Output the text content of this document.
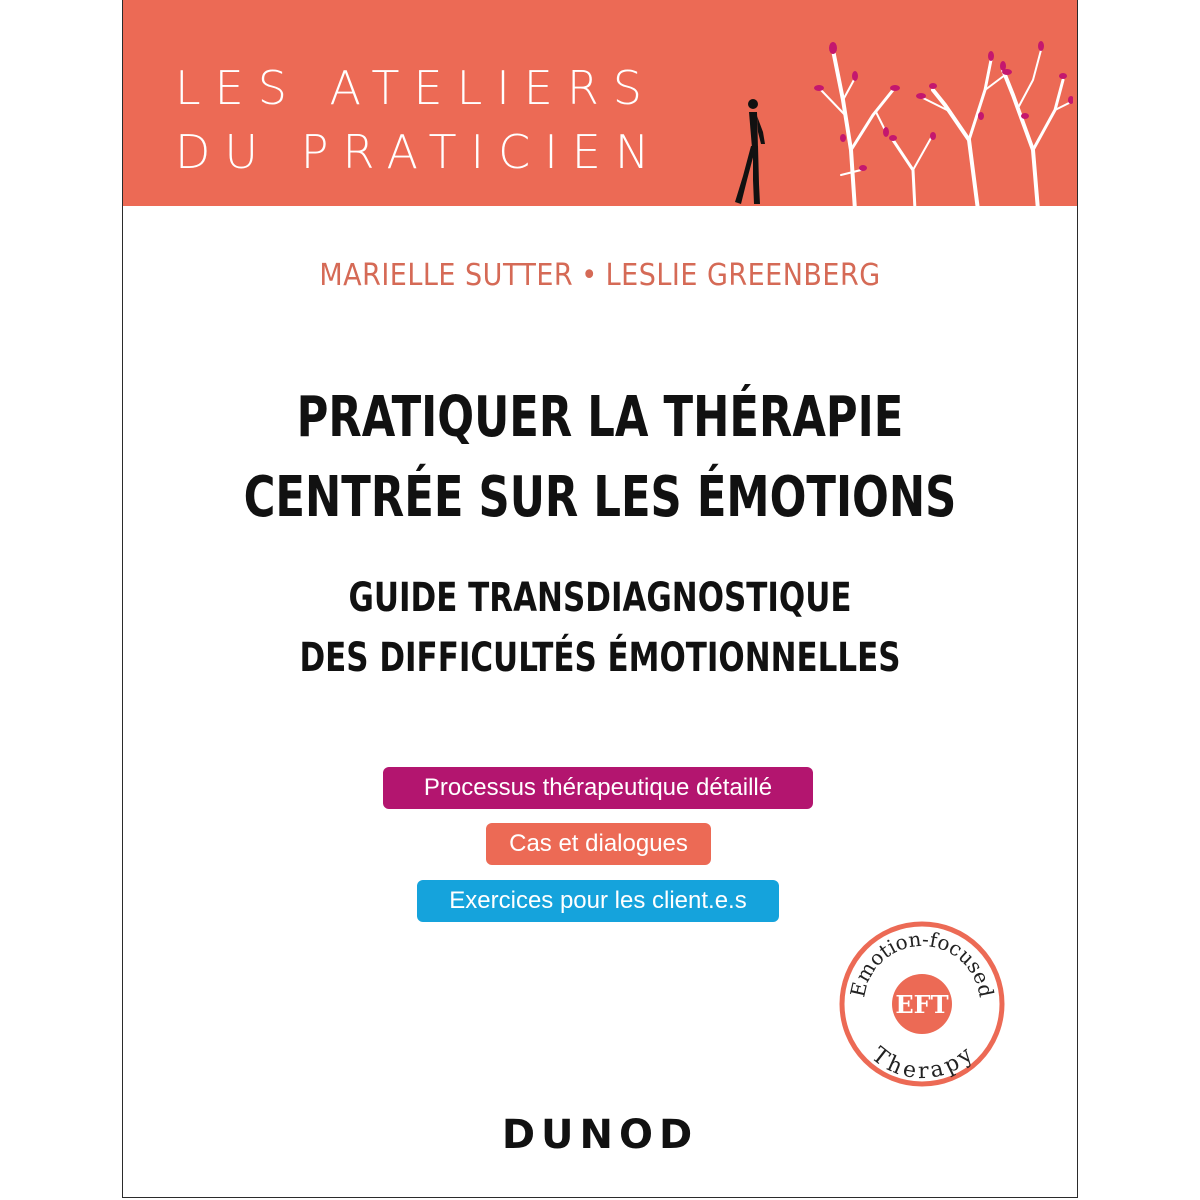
LES ATELIERS
DU PRATICIEN
MARIELLE SUTTER • LESLIE GREENBERG
PRATIQUER LA THÉRAPIE
CENTRÉE SUR LES ÉMOTIONS
GUIDE TRANSDIAGNOSTIQUE
DES DIFFICULTÉS ÉMOTIONNELLES
Processus thérapeutique détaillé
Cas et dialogues
Exercices pour les client.e.s
Emotion-focused
Therapy
EFT
DUNOD
